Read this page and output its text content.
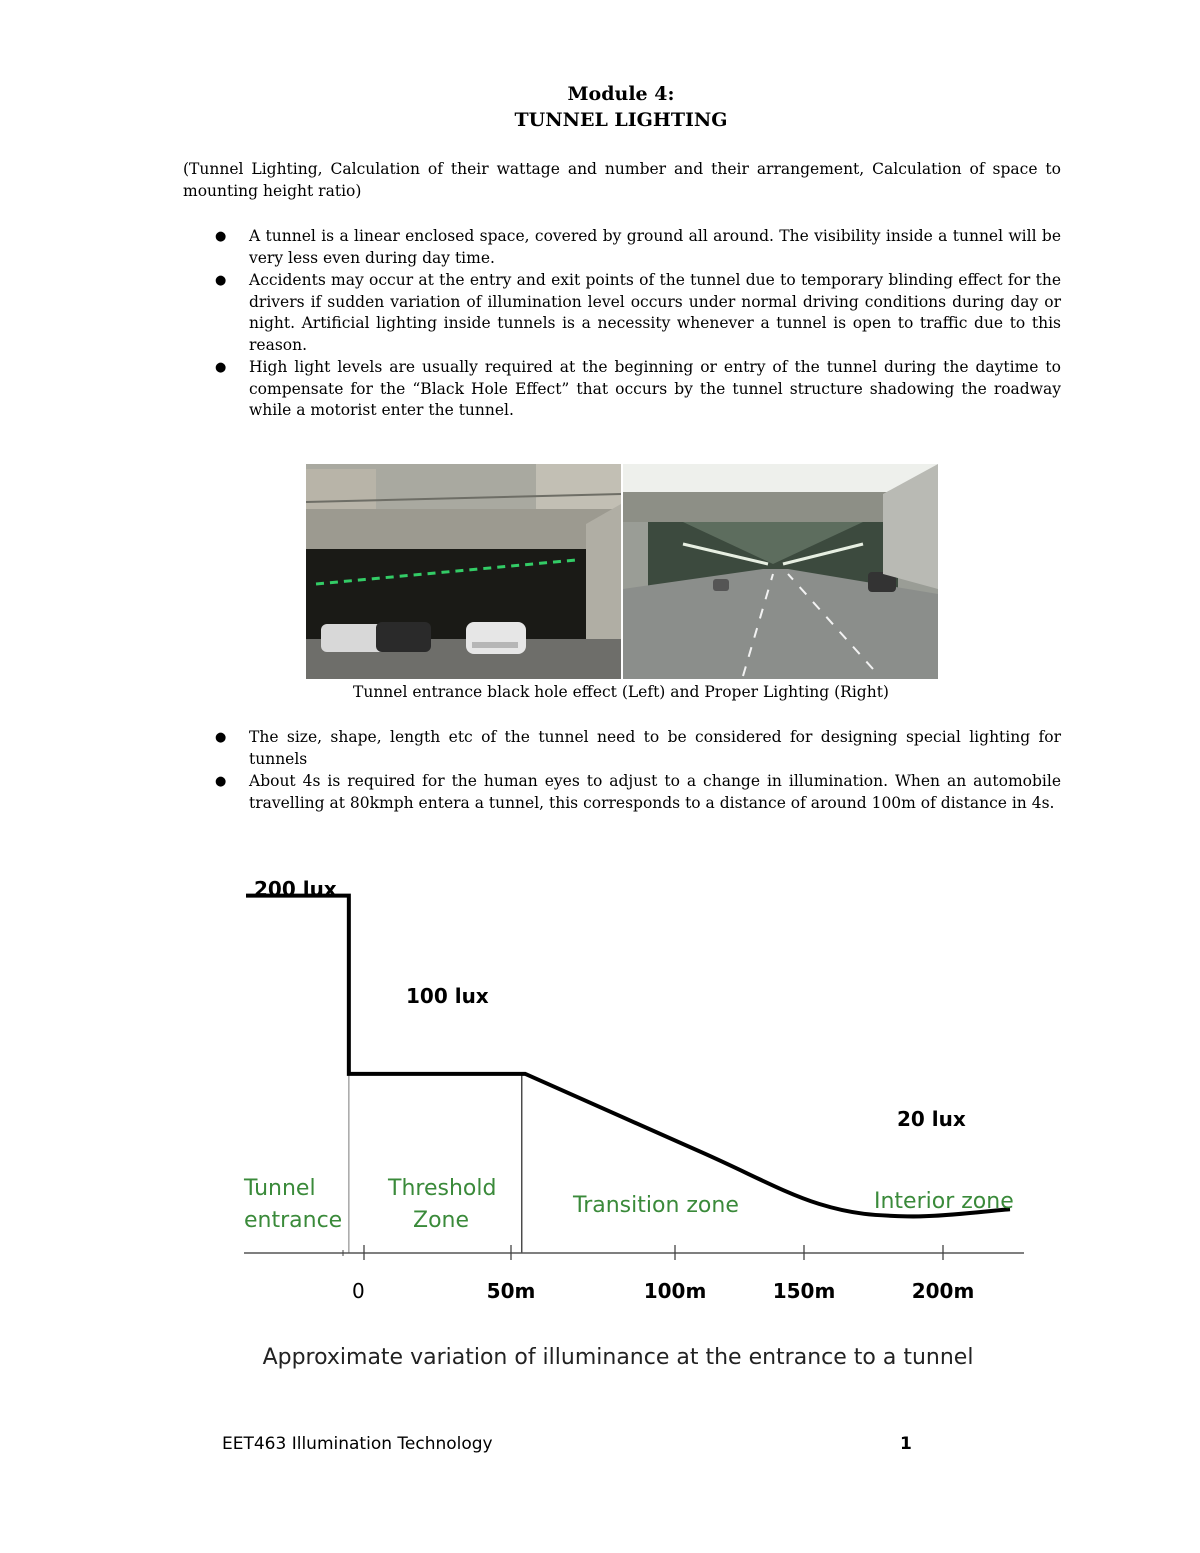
Module 4:
TUNNEL LIGHTING
(Tunnel Lighting, Calculation of their wattage and number and their arrangement, Calculation of space to mounting height ratio)
● A tunnel is a linear enclosed space, covered by ground all around. The visibility inside a tunnel will be very less even during day time.
● Accidents may occur at the entry and exit points of the tunnel due to temporary blinding effect for the drivers if sudden variation of illumination level occurs under normal driving conditions during day or night. Artificial lighting inside tunnels is a necessity whenever a tunnel is open to traffic due to this reason.
● High light levels are usually required at the beginning or entry of the tunnel during the daytime to compensate for the “Black Hole Effect” that occurs by the tunnel structure shadowing the roadway while a motorist enter the tunnel.
Tunnel entrance black hole effect (Left) and Proper Lighting (Right)
● The size, shape, length etc of the tunnel need to be considered for designing special lighting for tunnels
● About 4s is required for the human eyes to adjust to a change in illumination. When an automobile travelling at 80kmph entera a tunnel, this corresponds to a distance of around 100m of distance in 4s.
200 lux
100 lux
20 lux
Tunnel entrance
Threshold Zone
Transition zone	Interior zone
0	50m	100m	150m	200m
Approximate variation of illuminance at the entrance to a tunnel
EET463 Illumination Technology	1
